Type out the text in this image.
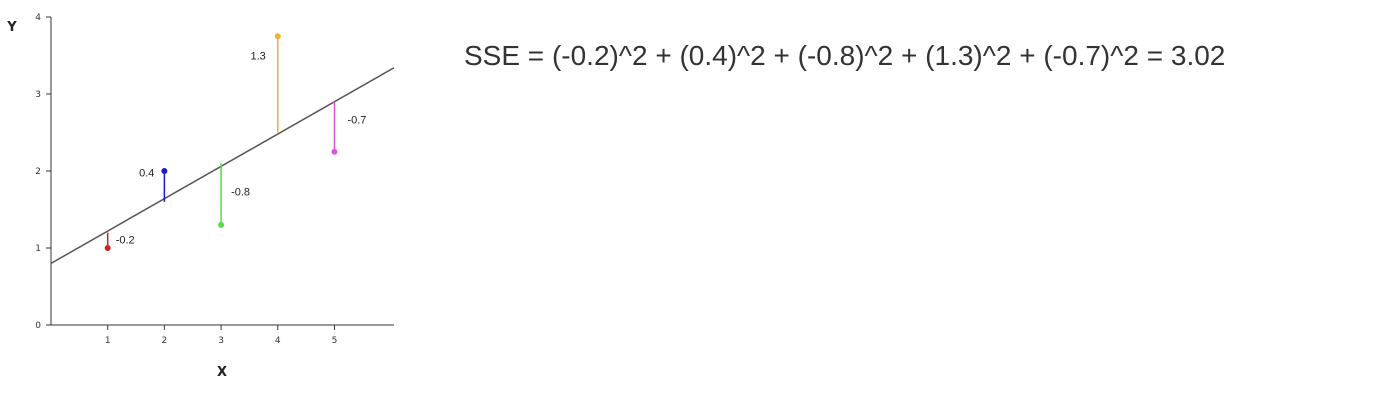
0
1
2
3
4
1	2	3	4	5
-0.2
0.4
-0.8
1.3
-0.7
Y
X
SSE = (-0.2)^2 + (0.4)^2 + (-0.8)^2 + (1.3)^2 + (-0.7)^2 = 3.02
